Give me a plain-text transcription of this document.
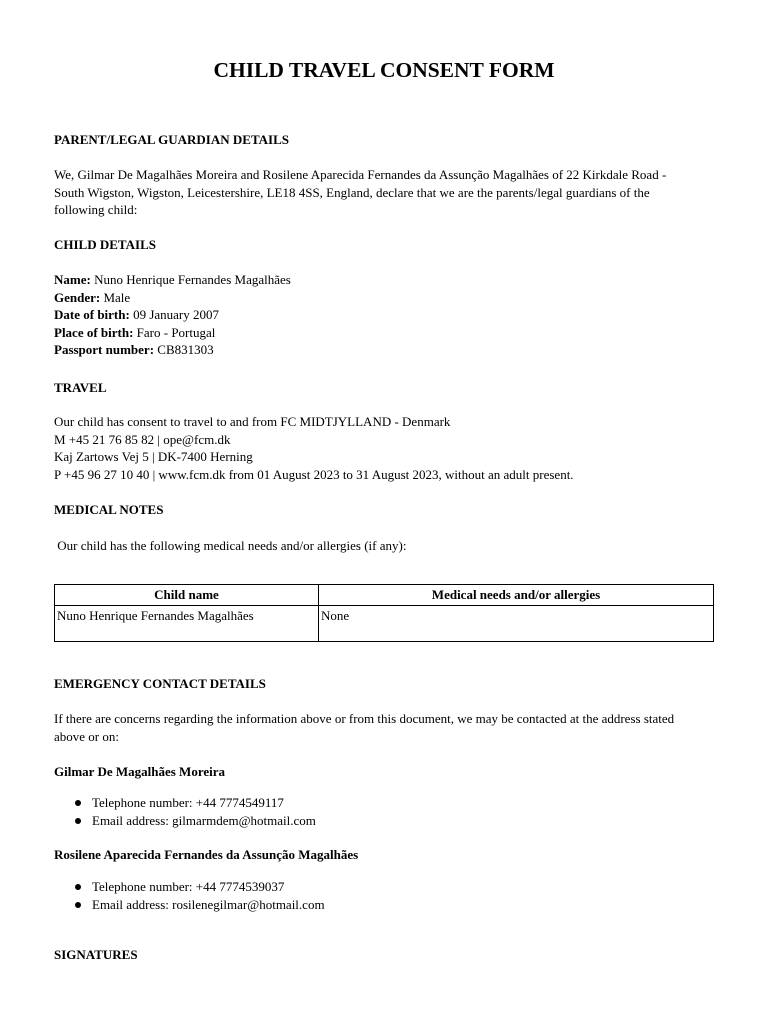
CHILD TRAVEL CONSENT FORM
PARENT/LEGAL GUARDIAN DETAILS
We, Gilmar De Magalhães Moreira and Rosilene Aparecida Fernandes da Assunção Magalhães of 22 Kirkdale Road -
South Wigston, Wigston, Leicestershire, LE18 4SS, England, declare that we are the parents/legal guardians of the
following child:
CHILD DETAILS
Name: Nuno Henrique Fernandes Magalhães
Gender: Male
Date of birth: 09 January 2007
Place of birth: Faro - Portugal
Passport number: CB831303
TRAVEL
Our child has consent to travel to and from FC MIDTJYLLAND - Denmark
M +45 21 76 85 82 | ope@fcm.dk
Kaj Zartows Vej 5 | DK-7400 Herning
P +45 96 27 10 40 | www.fcm.dk from 01 August 2023 to 31 August 2023, without an adult present.
MEDICAL NOTES
Our child has the following medical needs and/or allergies (if any):
Child name	Medical needs and/or allergies
Nuno Henrique Fernandes Magalhães	None
EMERGENCY CONTACT DETAILS
If there are concerns regarding the information above or from this document, we may be contacted at the address stated
above or on:
Gilmar De Magalhães Moreira
Telephone number: +44 7774549117
Email address: gilmarmdem@hotmail.com
Rosilene Aparecida Fernandes da Assunção Magalhães
Telephone number: +44 7774539037
Email address: rosilenegilmar@hotmail.com
SIGNATURES
